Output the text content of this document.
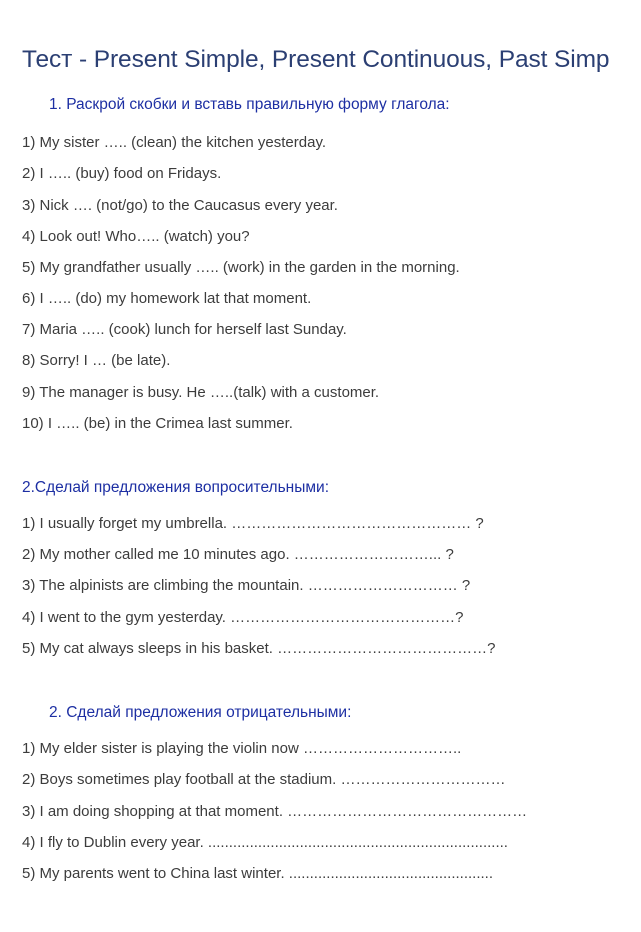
Тест - Present Simple, Present Continuous, Past Simp
1. Раскрой скобки и вставь правильную форму глагола:
1) My sister ….. (clean) the kitchen yesterday.
2) I ….. (buy) food on Fridays.
3) Nick …. (not/go) to the Caucasus every year.
4) Look out! Who….. (watch) you?
5) My grandfather usually ….. (work) in the garden in the morning.
6) I ….. (do) my homework lat that moment.
7) Maria ….. (cook) lunch for herself last Sunday.
8) Sorry! I … (be late).
9) The manager is busy. He …..(talk) with a customer.
10) I ….. (be) in the Crimea last summer.
2.Сделай предложения вопросительными:
1) I usually forget my umbrella. ………………………………………… ?
2) My mother called me 10 minutes ago. ………………………... ?
3) The alpinists are climbing the mountain. ………………………… ?
4) I went to the gym yesterday. ………………………………………?
5) My cat always sleeps in his basket. ……………………………………?
2. Сделай предложения отрицательными:
1) My elder sister is playing the violin now …………………………..
2) Boys sometimes play football at the stadium. ……………………………
3) I am doing shopping at that moment. …………………………………………
4) I fly to Dublin every year. ........................................................................
5) My parents went to China last winter. .................................................
